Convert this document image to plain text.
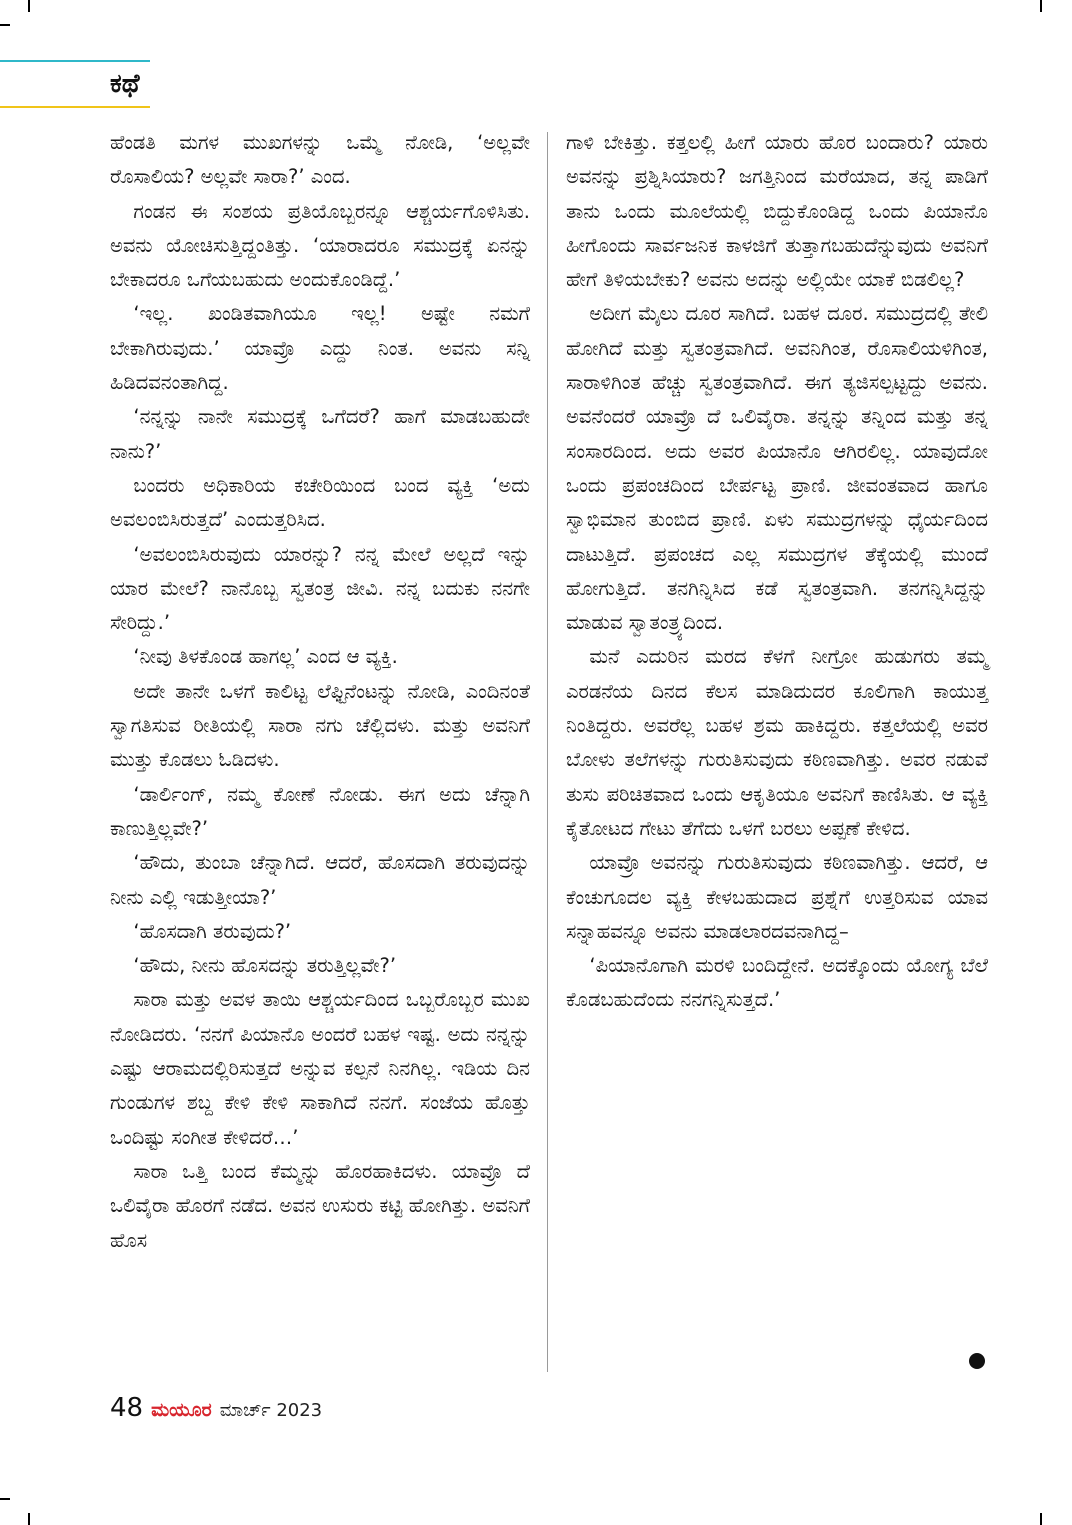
ಕಥೆ

ಹೆಂಡತಿ ಮಗಳ ಮುಖಗಳನ್ನು ಒಮ್ಮೆ ನೋಡಿ, ‘ಅಲ್ಲವೇ ರೊಸಾಲಿಯ? ಅಲ್ಲವೇ ಸಾರಾ?’ ಎಂದ.

ಗಂಡನ ಈ ಸಂಶಯ ಪ್ರತಿಯೊಬ್ಬರನ್ನೂ ಆಶ್ಚರ್ಯಗೊಳಿಸಿತು. ಅವನು ಯೋಚಿಸುತ್ತಿದ್ದಂತಿತ್ತು. ‘ಯಾರಾದರೂ ಸಮುದ್ರಕ್ಕೆ ಏನನ್ನು ಬೇಕಾದರೂ ಒಗೆಯಬಹುದು ಅಂದುಕೊಂಡಿದ್ದೆ.’

‘ಇಲ್ಲ. ಖಂಡಿತವಾಗಿಯೂ ಇಲ್ಲ! ಅಷ್ಟೇ ನಮಗೆ ಬೇಕಾಗಿರುವುದು.’ ಯಾವ್ರೊ ಎದ್ದು ನಿಂತ. ಅವನು ಸನ್ನಿ ಹಿಡಿದವನಂತಾಗಿದ್ದ.

‘ನನ್ನನ್ನು ನಾನೇ ಸಮುದ್ರಕ್ಕೆ ಒಗೆದರೆ? ಹಾಗೆ ಮಾಡಬಹುದೇ ನಾನು?’

ಬಂದರು ಅಧಿಕಾರಿಯ ಕಚೇರಿಯಿಂದ ಬಂದ ವ್ಯಕ್ತಿ ‘ಅದು ಅವಲಂಬಿಸಿರುತ್ತದೆ’ ಎಂದುತ್ತರಿಸಿದ.

‘ಅವಲಂಬಿಸಿರುವುದು ಯಾರನ್ನು? ನನ್ನ ಮೇಲೆ ಅಲ್ಲದೆ ಇನ್ನು ಯಾರ ಮೇಲೆ? ನಾನೊಬ್ಬ ಸ್ವತಂತ್ರ ಜೀವಿ. ನನ್ನ ಬದುಕು ನನಗೇ ಸೇರಿದ್ದು.’

‘ನೀವು ತಿಳಕೊಂಡ ಹಾಗಲ್ಲ’ ಎಂದ ಆ ವ್ಯಕ್ತಿ.

ಅದೇ ತಾನೇ ಒಳಗೆ ಕಾಲಿಟ್ಟ ಲೆಫ್ಟಿನೆಂಟನ್ನು ನೋಡಿ, ಎಂದಿನಂತೆ ಸ್ವಾಗತಿಸುವ ರೀತಿಯಲ್ಲಿ ಸಾರಾ ನಗು ಚೆಲ್ಲಿದಳು. ಮತ್ತು ಅವನಿಗೆ ಮುತ್ತು ಕೊಡಲು ಓಡಿದಳು.

‘ಡಾರ್ಲಿಂಗ್, ನಮ್ಮ ಕೋಣೆ ನೋಡು. ಈಗ ಅದು ಚೆನ್ನಾಗಿ ಕಾಣುತ್ತಿಲ್ಲವೇ?’

‘ಹೌದು, ತುಂಬಾ ಚೆನ್ನಾಗಿದೆ. ಆದರೆ, ಹೊಸದಾಗಿ ತರುವುದನ್ನು ನೀನು ಎಲ್ಲಿ ಇಡುತ್ತೀಯಾ?’

‘ಹೊಸದಾಗಿ ತರುವುದು?’

‘ಹೌದು, ನೀನು ಹೊಸದನ್ನು ತರುತ್ತಿಲ್ಲವೇ?’

ಸಾರಾ ಮತ್ತು ಅವಳ ತಾಯಿ ಆಶ್ಚರ್ಯದಿಂದ ಒಬ್ಬರೊಬ್ಬರ ಮುಖ ನೋಡಿದರು. ‘ನನಗೆ ಪಿಯಾನೊ ಅಂದರೆ ಬಹಳ ಇಷ್ಟ. ಅದು ನನ್ನನ್ನು ಎಷ್ಟು ಆರಾಮದಲ್ಲಿರಿಸುತ್ತದೆ ಅನ್ನುವ ಕಲ್ಪನೆ ನಿನಗಿಲ್ಲ. ಇಡಿಯ ದಿನ ಗುಂಡುಗಳ ಶಬ್ದ ಕೇಳಿ ಕೇಳಿ ಸಾಕಾಗಿದೆ ನನಗೆ. ಸಂಜೆಯ ಹೊತ್ತು ಒಂದಿಷ್ಟು ಸಂಗೀತ ಕೇಳಿದರೆ…’

ಸಾರಾ ಒತ್ತಿ ಬಂದ ಕೆಮ್ಮನ್ನು ಹೊರಹಾಕಿದಳು. ಯಾವ್ರೊ ದೆ ಒಲಿವೈರಾ ಹೊರಗೆ ನಡೆದ. ಅವನ ಉಸುರು ಕಟ್ಟಿ ಹೋಗಿತ್ತು. ಅವನಿಗೆ ಹೊಸ

ಗಾಳಿ ಬೇಕಿತ್ತು. ಕತ್ತಲಲ್ಲಿ ಹೀಗೆ ಯಾರು ಹೊರ ಬಂದಾರು? ಯಾರು ಅವನನ್ನು ಪ್ರಶ್ನಿಸಿಯಾರು? ಜಗತ್ತಿನಿಂದ ಮರೆಯಾದ, ತನ್ನ ಪಾಡಿಗೆ ತಾನು ಒಂದು ಮೂಲೆಯಲ್ಲಿ ಬಿದ್ದುಕೊಂಡಿದ್ದ ಒಂದು ಪಿಯಾನೊ ಹೀಗೊಂದು ಸಾರ್ವಜನಿಕ ಕಾಳಜಿಗೆ ತುತ್ತಾಗಬಹುದೆನ್ನುವುದು ಅವನಿಗೆ ಹೇಗೆ ತಿಳಿಯಬೇಕು? ಅವನು ಅದನ್ನು ಅಲ್ಲಿಯೇ ಯಾಕೆ ಬಿಡಲಿಲ್ಲ?

ಅದೀಗ ಮೈಲು ದೂರ ಸಾಗಿದೆ. ಬಹಳ ದೂರ. ಸಮುದ್ರದಲ್ಲಿ ತೇಲಿ ಹೋಗಿದೆ ಮತ್ತು ಸ್ವತಂತ್ರವಾಗಿದೆ. ಅವನಿಗಿಂತ, ರೊಸಾಲಿಯಳಿಗಿಂತ, ಸಾರಾಳಿಗಿಂತ ಹೆಚ್ಚು ಸ್ವತಂತ್ರವಾಗಿದೆ. ಈಗ ತ್ಯಜಿಸಲ್ಪಟ್ಟದ್ದು ಅವನು. ಅವನೆಂದರೆ ಯಾವ್ರೊ ದೆ ಒಲಿವೈರಾ. ತನ್ನನ್ನು ತನ್ನಿಂದ ಮತ್ತು ತನ್ನ ಸಂಸಾರದಿಂದ. ಅದು ಅವರ ಪಿಯಾನೊ ಆಗಿರಲಿಲ್ಲ. ಯಾವುದೋ ಒಂದು ಪ್ರಪಂಚದಿಂದ ಬೇರ್ಪಟ್ಟ ಪ್ರಾಣಿ. ಜೀವಂತವಾದ ಹಾಗೂ ಸ್ವಾಭಿಮಾನ ತುಂಬಿದ ಪ್ರಾಣಿ. ಏಳು ಸಮುದ್ರಗಳನ್ನು ಧೈರ್ಯದಿಂದ ದಾಟುತ್ತಿದೆ. ಪ್ರಪಂಚದ ಎಲ್ಲ ಸಮುದ್ರಗಳ ತೆಕ್ಕೆಯಲ್ಲಿ ಮುಂದೆ ಹೋಗುತ್ತಿದೆ. ತನಗಿನ್ನಿಸಿದ ಕಡೆ ಸ್ವತಂತ್ರವಾಗಿ. ತನಗನ್ನಿಸಿದ್ದನ್ನು ಮಾಡುವ ಸ್ವಾತಂತ್ರ್ಯದಿಂದ.

ಮನೆ ಎದುರಿನ ಮರದ ಕೆಳಗೆ ನೀಗ್ರೋ ಹುಡುಗರು ತಮ್ಮ ಎರಡನೆಯ ದಿನದ ಕೆಲಸ ಮಾಡಿದುದರ ಕೂಲಿಗಾಗಿ ಕಾಯುತ್ತ ನಿಂತಿದ್ದರು. ಅವರೆಲ್ಲ ಬಹಳ ಶ್ರಮ ಹಾಕಿದ್ದರು. ಕತ್ತಲೆಯಲ್ಲಿ ಅವರ ಬೋಳು ತಲೆಗಳನ್ನು ಗುರುತಿಸುವುದು ಕಠಿಣವಾಗಿತ್ತು. ಅವರ ನಡುವೆ ತುಸು ಪರಿಚಿತವಾದ ಒಂದು ಆಕೃತಿಯೂ ಅವನಿಗೆ ಕಾಣಿಸಿತು. ಆ ವ್ಯಕ್ತಿ ಕೈತೋಟದ ಗೇಟು ತೆಗೆದು ಒಳಗೆ ಬರಲು ಅಪ್ಪಣೆ ಕೇಳಿದ.

ಯಾವ್ರೊ ಅವನನ್ನು ಗುರುತಿಸುವುದು ಕಠಿಣವಾಗಿತ್ತು. ಆದರೆ, ಆ ಕೆಂಚುಗೂದಲ ವ್ಯಕ್ತಿ ಕೇಳಬಹುದಾದ ಪ್ರಶ್ನೆಗೆ ಉತ್ತರಿಸುವ ಯಾವ ಸನ್ನಾಹವನ್ನೂ ಅವನು ಮಾಡಲಾರದವನಾಗಿದ್ದ–

‘ಪಿಯಾನೊಗಾಗಿ ಮರಳಿ ಬಂದಿದ್ದೇನೆ. ಅದಕ್ಕೊಂದು ಯೋಗ್ಯ ಬೆಲೆ ಕೊಡಬಹುದೆಂದು ನನಗನ್ನಿಸುತ್ತದೆ.’

48 ಮಯೂರ ಮಾರ್ಚ್ 2023
